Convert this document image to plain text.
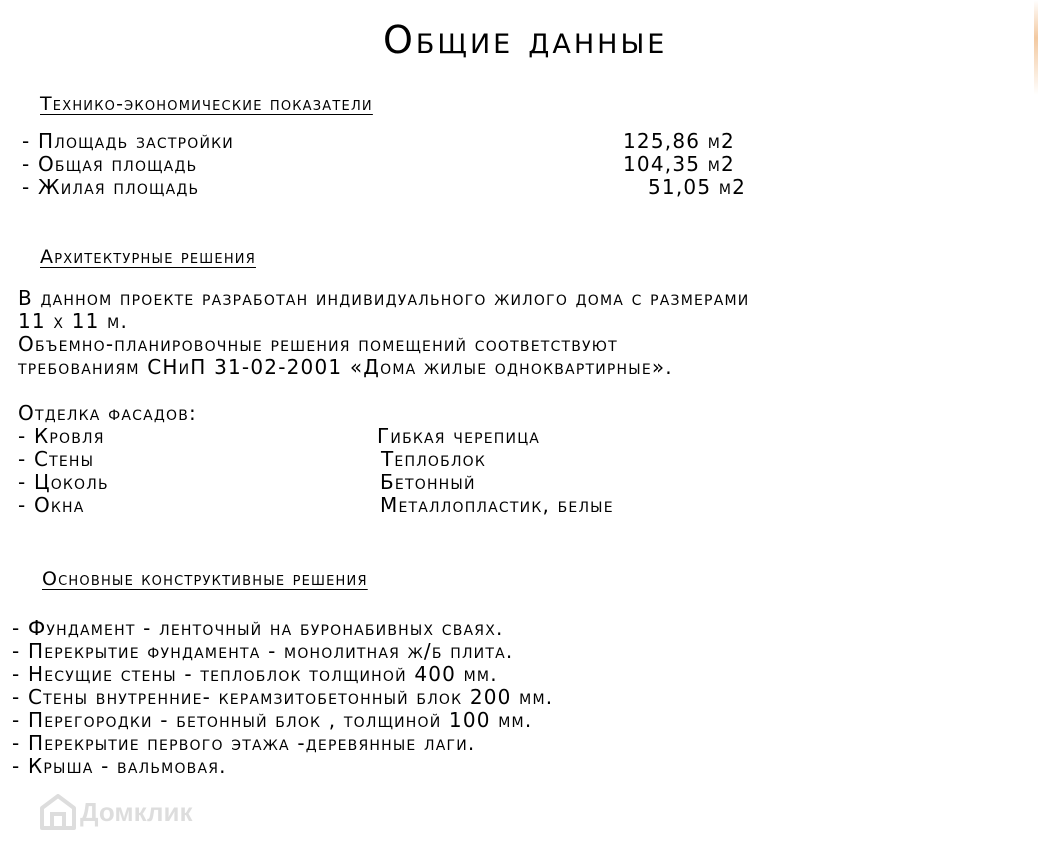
Общие данные
Технико-экономические показатели
- Площадь застройки	125,86 м2
- Общая площадь	104,35 м2
- Жилая площадь	51,05 м2
Архитектурные решения
В данном проекте разработан индивидуального жилого дома с размерами
11 х 11 м.
Объемно-планировочные решения помещений соответствуют
требованиям СНиП 31-02-2001 «Дома жилые одноквартирные».
Отделка фасадов:
- Кровля	Гибкая черепица
- Стены	Теплоблок
- Цоколь	Бетонный
- Окна	Металлопластик, белые
Основные конструктивные решения
- Фундамент - ленточный на буронабивных сваях.
- Перекрытие фундамента - монолитная ж/б плита.
- Несущие стены - теплоблок толщиной 400 мм.
- Стены внутренние- керамзитобетонный блок 200 мм.
- Перегородки - бетонный блок , толщиной 100 мм.
- Перекрытие первого этажа -деревянные лаги.
- Крыша - вальмовая.
Домклик
